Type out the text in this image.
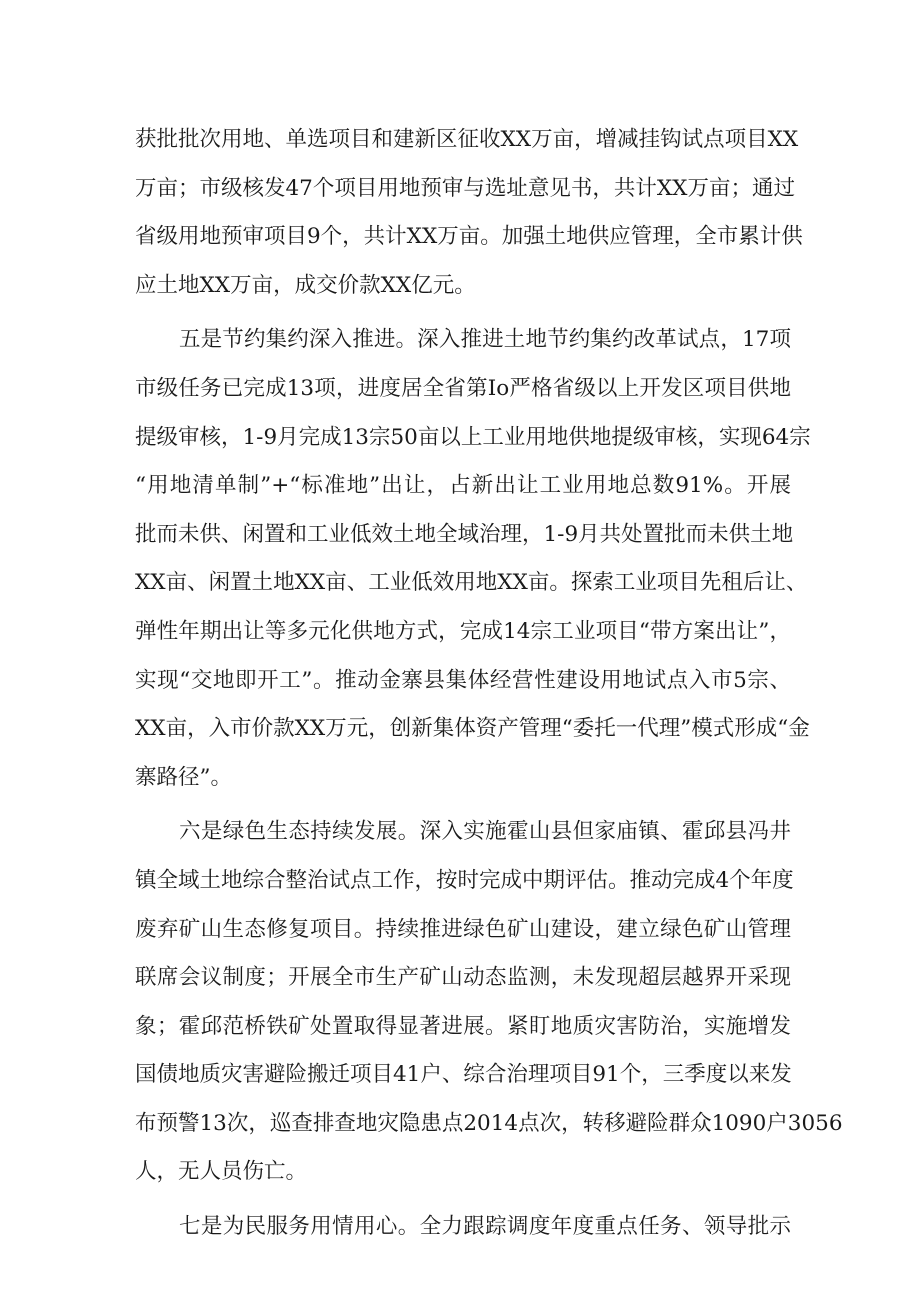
获批批次用地、单选项目和建新区征收XX万亩，增减挂钩试点项目XX
万亩；市级核发47个项目用地预审与选址意见书，共计XX万亩；通过
省级用地预审项目9个，共计XX万亩。加强土地供应管理，全市累计供
应土地XX万亩，成交价款XX亿元。
五是节约集约深入推进。深入推进土地节约集约改革试点，17项
市级任务已完成13项，进度居全省第Io严格省级以上开发区项目供地
提级审核，1-9月完成13宗50亩以上工业用地供地提级审核，实现64宗
“用地清单制”+“标准地”出让，占新出让工业用地总数91%。开展
批而未供、闲置和工业低效土地全域治理，1-9月共处置批而未供土地
XX亩、闲置土地XX亩、工业低效用地XX亩。探索工业项目先租后让、
弹性年期出让等多元化供地方式，完成14宗工业项目“带方案出让”，
实现“交地即开工”。推动金寨县集体经营性建设用地试点入市5宗、
XX亩，入市价款XX万元，创新集体资产管理“委托一代理”模式形成“金
寨路径”。
六是绿色生态持续发展。深入实施霍山县但家庙镇、霍邱县冯井
镇全域土地综合整治试点工作，按时完成中期评估。推动完成4个年度
废弃矿山生态修复项目。持续推进绿色矿山建设，建立绿色矿山管理
联席会议制度；开展全市生产矿山动态监测，未发现超层越界开采现
象；霍邱范桥铁矿处置取得显著进展。紧盯地质灾害防治，实施增发
国债地质灾害避险搬迁项目41户、综合治理项目91个，三季度以来发
布预警13次，巡查排查地灾隐患点2014点次，转移避险群众1090户3056
人，无人员伤亡。
七是为民服务用情用心。全力跟踪调度年度重点任务、领导批示
